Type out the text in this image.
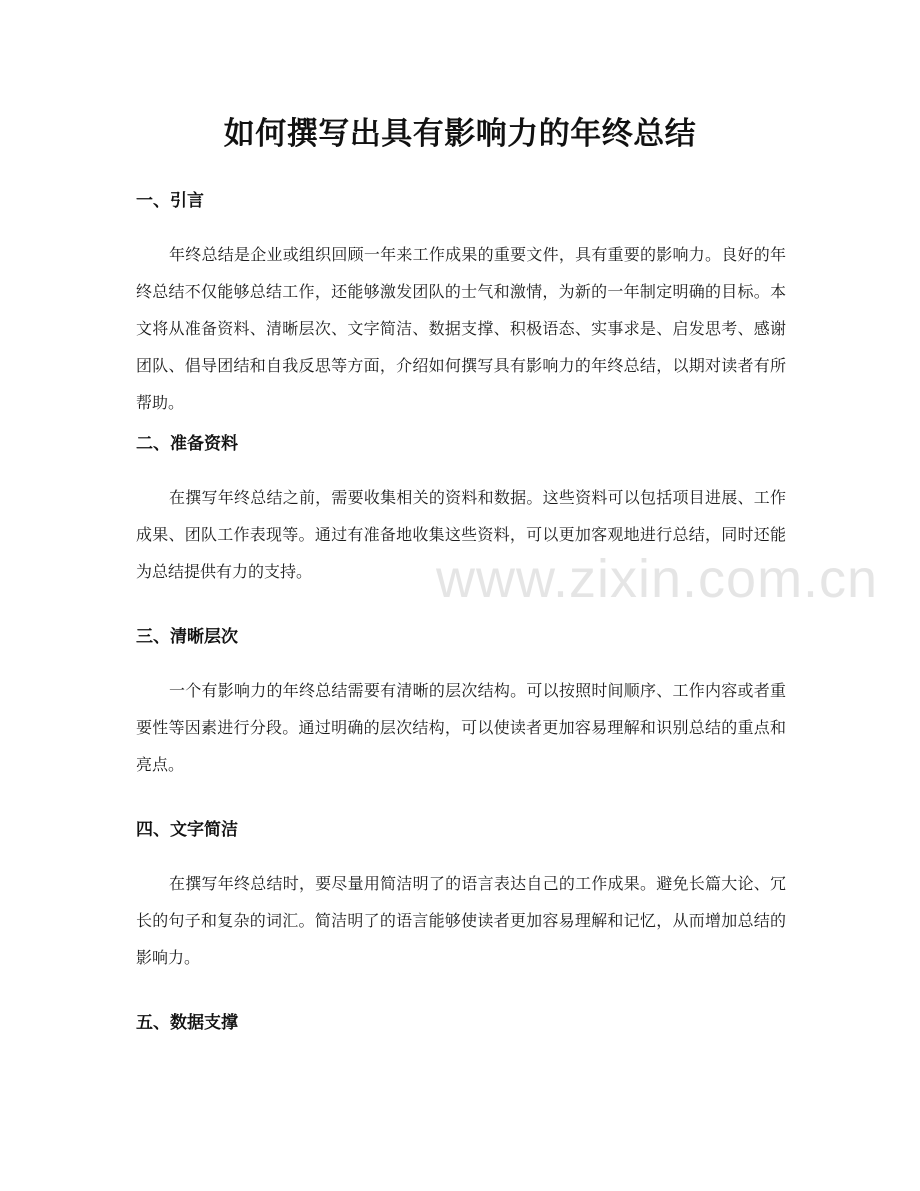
如何撰写出具有影响力的年终总结
一、引言

年终总结是企业或组织回顾一年来工作成果的重要文件，具有重要的影响力。良好的年终总结不仅能够总结工作，还能够激发团队的士气和激情，为新的一年制定明确的目标。本文将从准备资料、清晰层次、文字简洁、数据支撑、积极语态、实事求是、启发思考、感谢团队、倡导团结和自我反思等方面，介绍如何撰写具有影响力的年终总结，以期对读者有所帮助。

二、准备资料

在撰写年终总结之前，需要收集相关的资料和数据。这些资料可以包括项目进展、工作成果、团队工作表现等。通过有准备地收集这些资料，可以更加客观地进行总结，同时还能为总结提供有力的支持。

三、清晰层次

一个有影响力的年终总结需要有清晰的层次结构。可以按照时间顺序、工作内容或者重要性等因素进行分段。通过明确的层次结构，可以使读者更加容易理解和识别总结的重点和亮点。

四、文字简洁

在撰写年终总结时，要尽量用简洁明了的语言表达自己的工作成果。避免长篇大论、冗长的句子和复杂的词汇。简洁明了的语言能够使读者更加容易理解和记忆，从而增加总结的影响力。

五、数据支撑
www.zixin.com.cn
